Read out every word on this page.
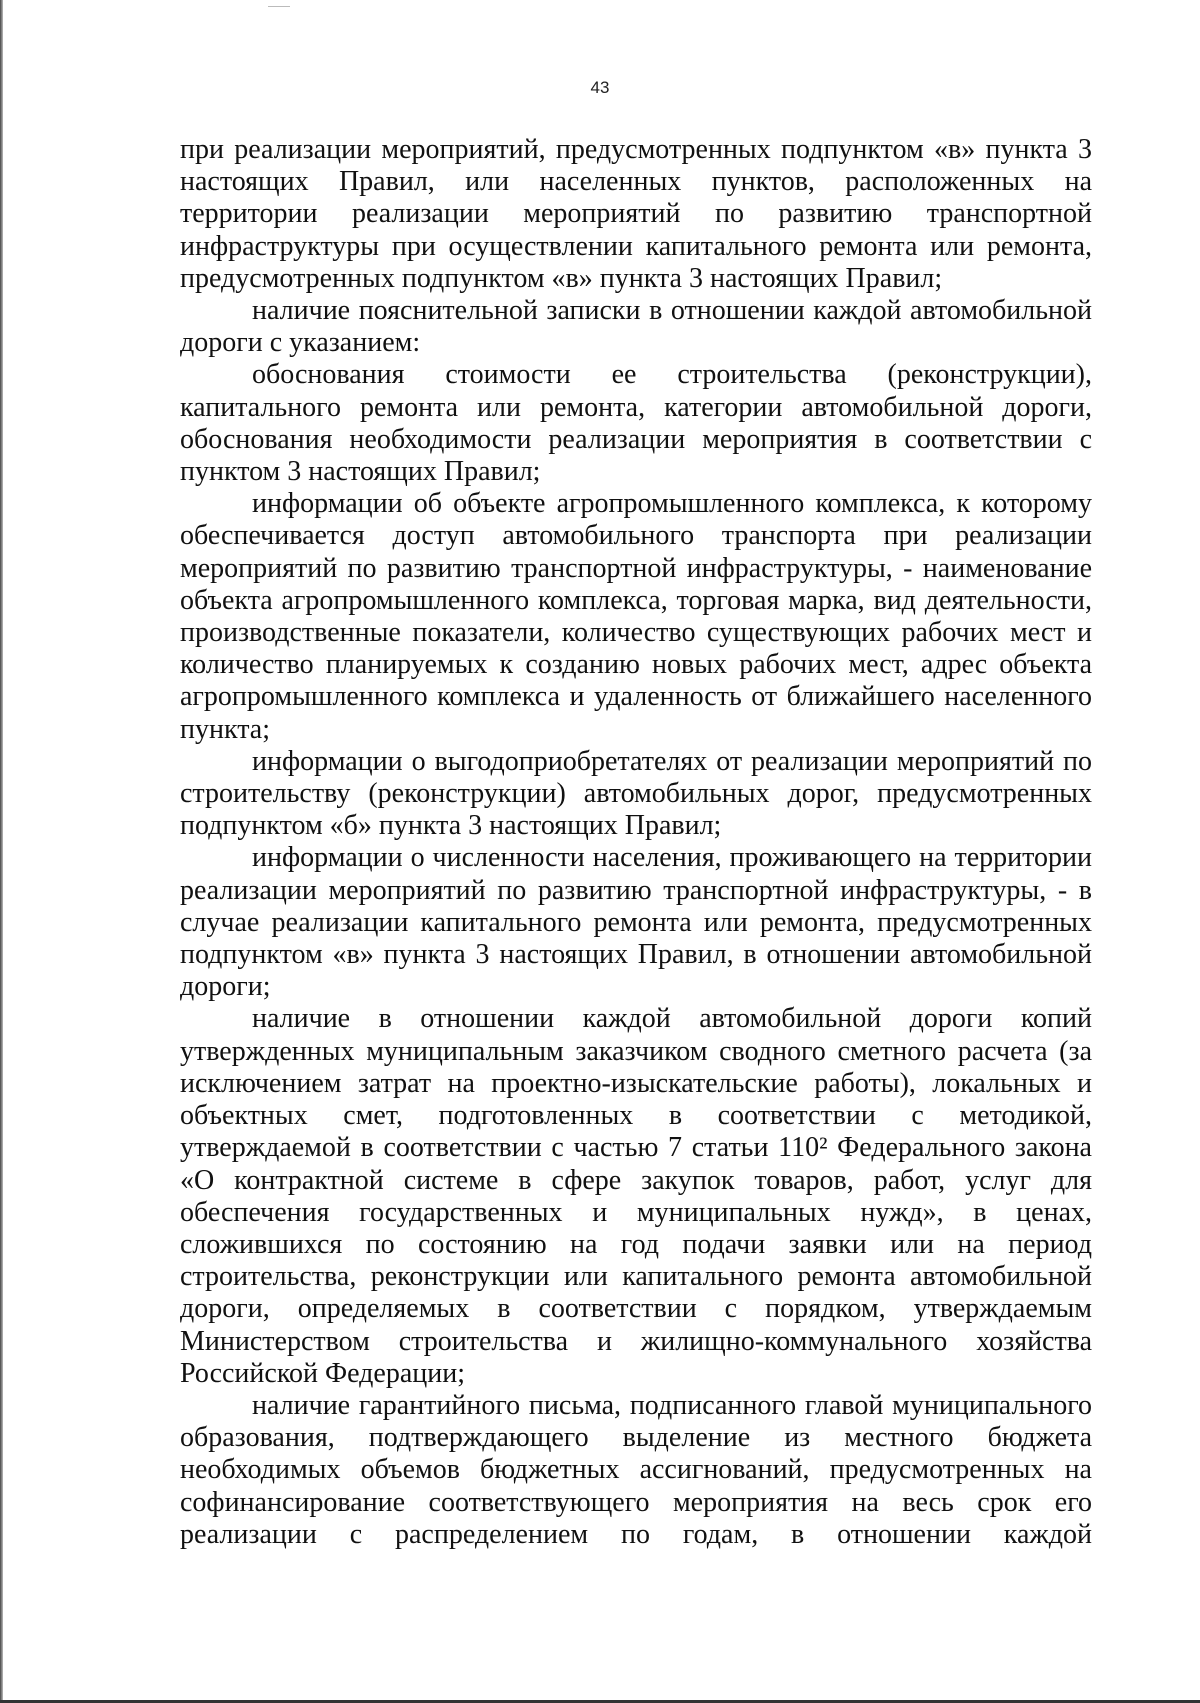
43
при реализации мероприятий, предусмотренных подпунктом «в» пункта 3
настоящих Правил, или населенных пунктов, расположенных на
территории реализации мероприятий по развитию транспортной
инфраструктуры при осуществлении капитального ремонта или ремонта,
предусмотренных подпунктом «в» пункта 3 настоящих Правил;
наличие пояснительной записки в отношении каждой автомобильной
дороги с указанием:
обоснования стоимости ее строительства (реконструкции),
капитального ремонта или ремонта, категории автомобильной дороги,
обоснования необходимости реализации мероприятия в соответствии с
пунктом 3 настоящих Правил;
информации об объекте агропромышленного комплекса, к которому
обеспечивается доступ автомобильного транспорта при реализации
мероприятий по развитию транспортной инфраструктуры, - наименование
объекта агропромышленного комплекса, торговая марка, вид деятельности,
производственные показатели, количество существующих рабочих мест и
количество планируемых к созданию новых рабочих мест, адрес объекта
агропромышленного комплекса и удаленность от ближайшего населенного
пункта;
информации о выгодоприобретателях от реализации мероприятий по
строительству (реконструкции) автомобильных дорог, предусмотренных
подпунктом «б» пункта 3 настоящих Правил;
информации о численности населения, проживающего на территории
реализации мероприятий по развитию транспортной инфраструктуры, - в
случае реализации капитального ремонта или ремонта, предусмотренных
подпунктом «в» пункта 3 настоящих Правил, в отношении автомобильной
дороги;
наличие в отношении каждой автомобильной дороги копий
утвержденных муниципальным заказчиком сводного сметного расчета (за
исключением затрат на проектно-изыскательские работы), локальных и
объектных смет, подготовленных в соответствии с методикой,
утверждаемой в соответствии с частью 7 статьи 110² Федерального закона
«О контрактной системе в сфере закупок товаров, работ, услуг для
обеспечения государственных и муниципальных нужд», в ценах,
сложившихся по состоянию на год подачи заявки или на период
строительства, реконструкции или капитального ремонта автомобильной
дороги, определяемых в соответствии с порядком, утверждаемым
Министерством строительства и жилищно-коммунального хозяйства
Российской Федерации;
наличие гарантийного письма, подписанного главой муниципального
образования, подтверждающего выделение из местного бюджета
необходимых объемов бюджетных ассигнований, предусмотренных на
софинансирование соответствующего мероприятия на весь срок его
реализации с распределением по годам, в отношении каждой
